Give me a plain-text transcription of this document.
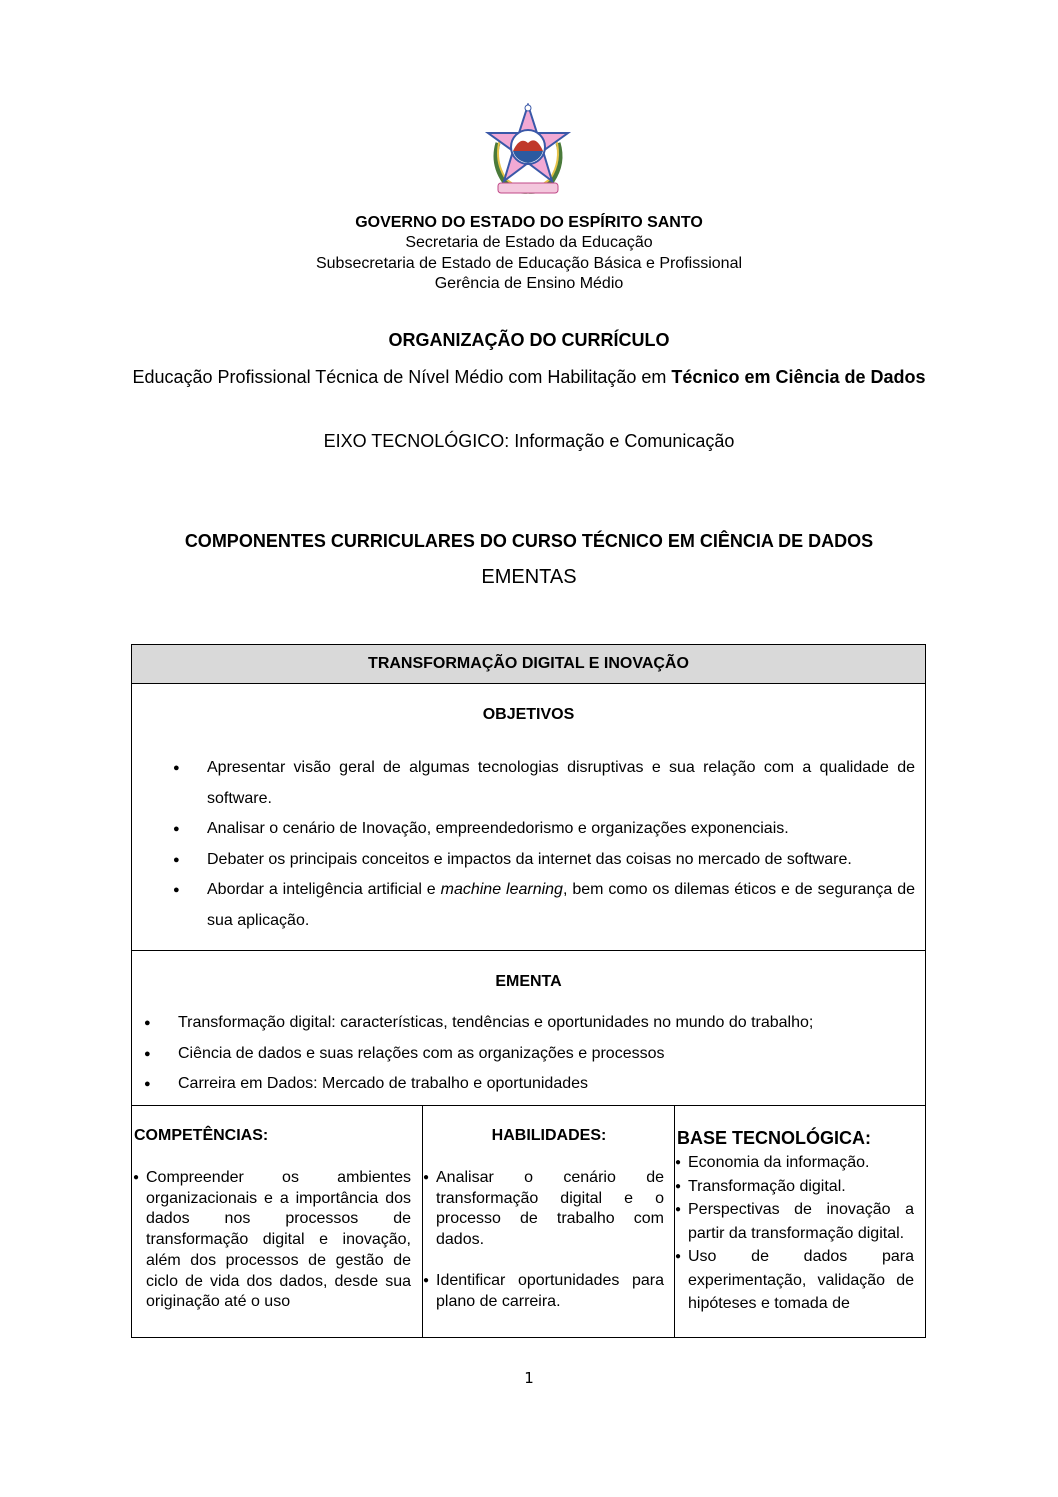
GOVERNO DO ESTADO DO ESPÍRITO SANTO
Secretaria de Estado da Educação
Subsecretaria de Estado de Educação Básica e Profissional
Gerência de Ensino Médio
ORGANIZAÇÃO DO CURRÍCULO
Educação Profissional Técnica de Nível Médio com Habilitação em Técnico em Ciência de Dados
EIXO TECNOLÓGICO: Informação e Comunicação
COMPONENTES CURRICULARES DO CURSO TÉCNICO EM CIÊNCIA DE DADOS
EMENTAS
TRANSFORMAÇÃO DIGITAL E INOVAÇÃO
OBJETIVOS
● Apresentar visão geral de algumas tecnologias disruptivas e sua relação com a qualidade de software.
● Analisar o cenário de Inovação, empreendedorismo e organizações exponenciais.
● Debater os principais conceitos e impactos da internet das coisas no mercado de software.
● Abordar a inteligência artificial e machine learning, bem como os dilemas éticos e de segurança de sua aplicação.
EMENTA
● Transformação digital: características, tendências e oportunidades no mundo do trabalho;
● Ciência de dados e suas relações com as organizações e processos
● Carreira em Dados: Mercado de trabalho e oportunidades
COMPETÊNCIAS:
● Compreender os ambientes organizacionais e a importância dos dados nos processos de transformação digital e inovação, além dos processos de gestão de ciclo de vida dos dados, desde sua originação até o uso
HABILIDADES:
● Analisar o cenário de transformação digital e o processo de trabalho com dados.
● Identificar oportunidades para plano de carreira.
BASE TECNOLÓGICA:
● Economia da informação.
● Transformação digital.
● Perspectivas de inovação a partir da transformação digital.
● Uso de dados para experimentação, validação de hipóteses e tomada de
1
